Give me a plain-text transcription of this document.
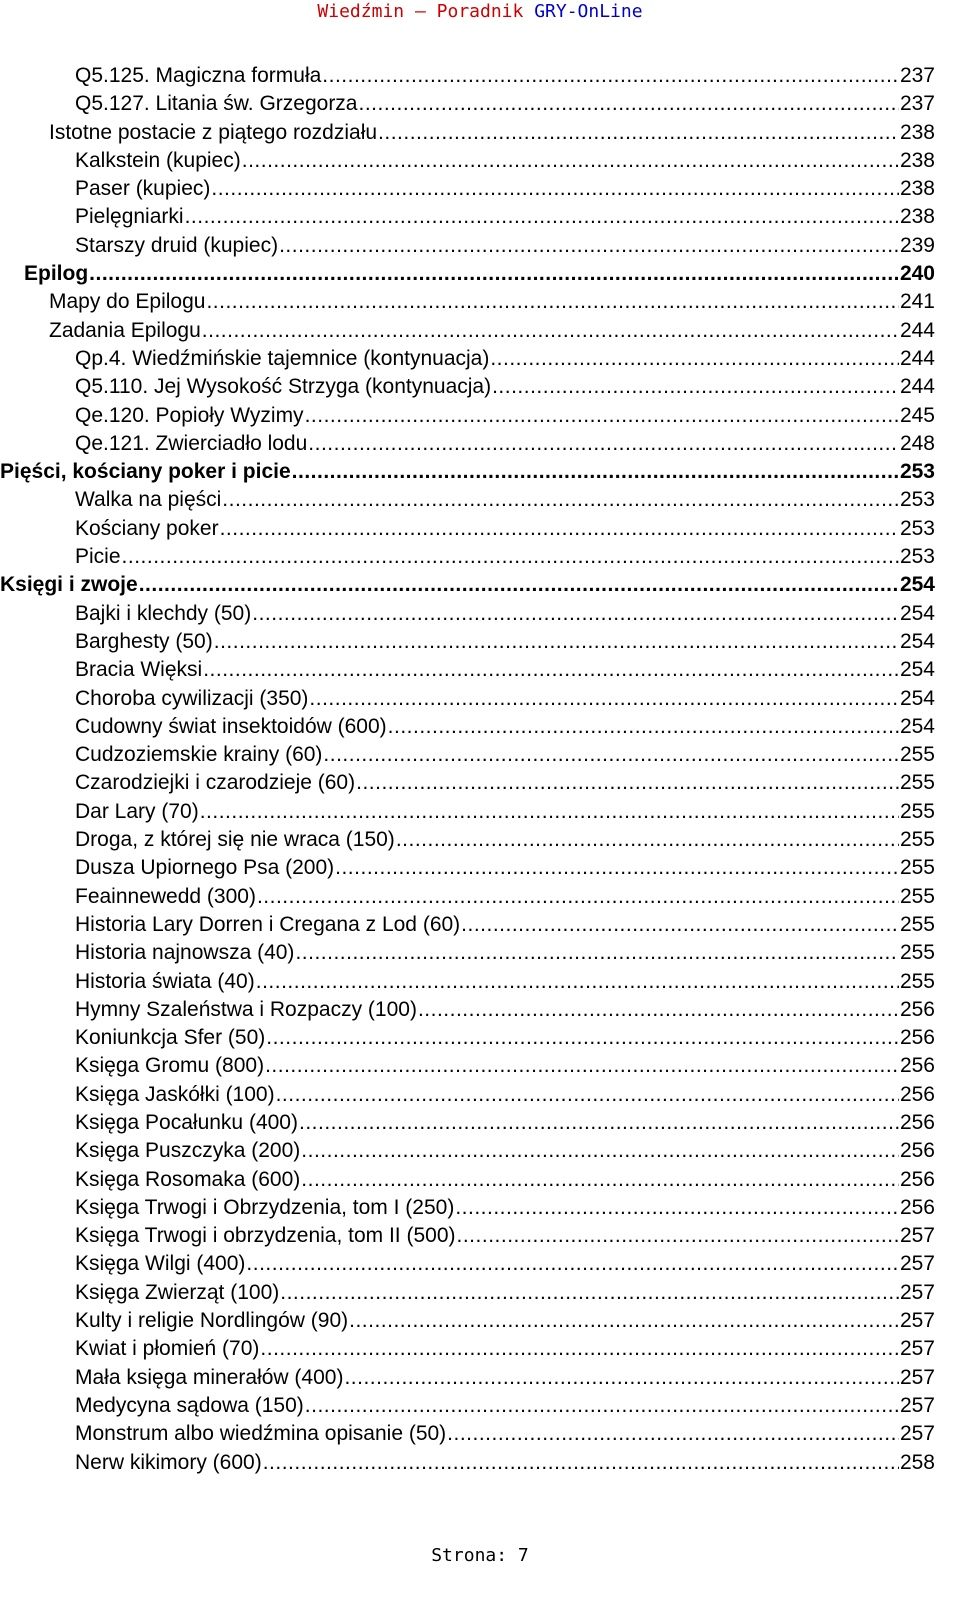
Wiedźmin – Poradnik GRY-OnLine
Q5.125. Magiczna formuła .....	237
Q5.127. Litania św. Grzegorza .....	237
Istotne postacie z piątego rozdziału .....	238
Kalkstein (kupiec) .....	238
Paser (kupiec) .....	238
Pielęgniarki .....	238
Starszy druid (kupiec) .....	239
Epilog .....	240
Mapy do Epilogu .....	241
Zadania Epilogu .....	244
Qp.4. Wiedźmińskie tajemnice (kontynuacja) .....	244
Q5.110. Jej Wysokość Strzyga (kontynuacja) .....	244
Qe.120. Popioły Wyzimy .....	245
Qe.121. Zwierciadło lodu .....	248
Pięści, kościany poker i picie .....	253
Walka na pięści .....	253
Kościany poker .....	253
Picie .....	253
Księgi i zwoje .....	254
Bajki i klechdy (50) .....	254
Barghesty (50) .....	254
Bracia Więksi .....	254
Choroba cywilizacji (350) .....	254
Cudowny świat insektoidów (600) .....	254
Cudzoziemskie krainy (60) .....	255
Czarodziejki i czarodzieje (60) .....	255
Dar Lary (70) .....	255
Droga, z której się nie wraca (150) .....	255
Dusza Upiornego Psa (200) .....	255
Feainnewedd (300) .....	255
Historia Lary Dorren i Cregana z Lod (60) .....	255
Historia najnowsza (40) .....	255
Historia świata (40) .....	255
Hymny Szaleństwa i Rozpaczy (100) .....	256
Koniunkcja Sfer (50) .....	256
Księga Gromu (800) .....	256
Księga Jaskółki (100) .....	256
Księga Pocałunku (400) .....	256
Księga Puszczyka (200) .....	256
Księga Rosomaka (600) .....	256
Księga Trwogi i Obrzydzenia, tom I (250) .....	256
Księga Trwogi i obrzydzenia, tom II (500) .....	257
Księga Wilgi (400) .....	257
Księga Zwierząt (100) .....	257
Kulty i religie Nordlingów (90) .....	257
Kwiat i płomień (70) .....	257
Mała księga minerałów (400) .....	257
Medycyna sądowa (150) .....	257
Monstrum albo wiedźmina opisanie (50) .....	257
Nerw kikimory (600) .....	258
Strona: 7
